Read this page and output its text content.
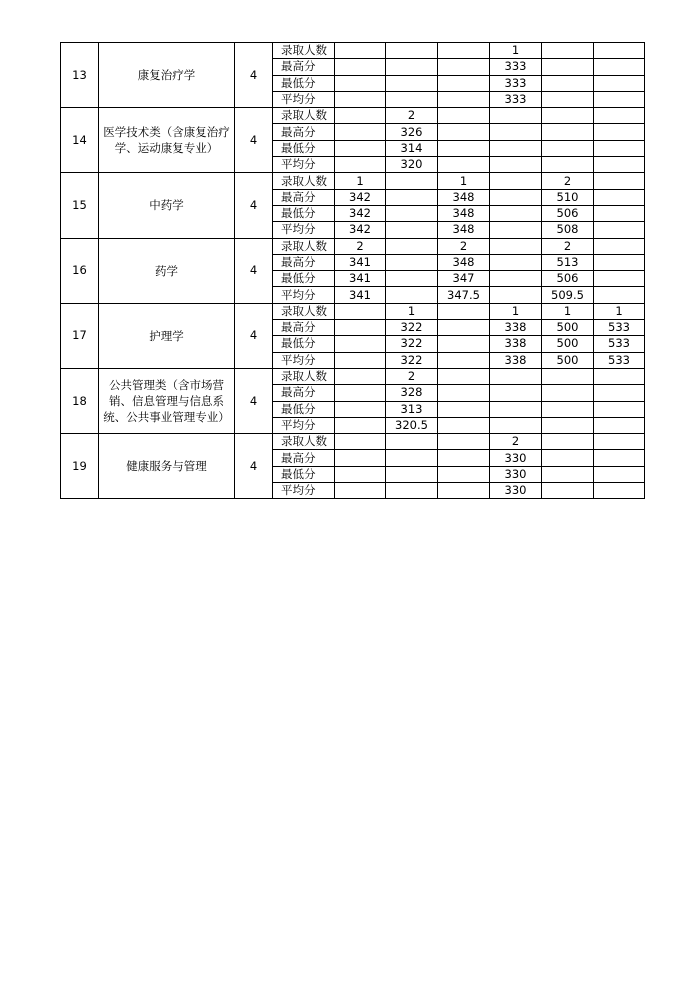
13	康复治疗学	4	录取人数				1		
			最高分				333		
			最低分				333		
			平均分				333		
14	医学技术类（含康复治疗学、运动康复专业）	4	录取人数		2				
			最高分		326				
			最低分		314				
			平均分		320				
15	中药学	4	录取人数	1		1		2	
			最高分	342		348		510	
			最低分	342		348		506	
			平均分	342		348		508	
16	药学	4	录取人数	2		2		2	
			最高分	341		348		513	
			最低分	341		347		506	
			平均分	341		347.5		509.5	
17	护理学	4	录取人数		1		1	1	1
			最高分		322		338	500	533
			最低分		322		338	500	533
			平均分		322		338	500	533
18	公共管理类（含市场营销、信息管理与信息系统、公共事业管理专业）	4	录取人数		2				
			最高分		328				
			最低分		313				
			平均分		320.5				
19	健康服务与管理	4	录取人数				2		
			最高分				330		
			最低分				330		
			平均分				330		
